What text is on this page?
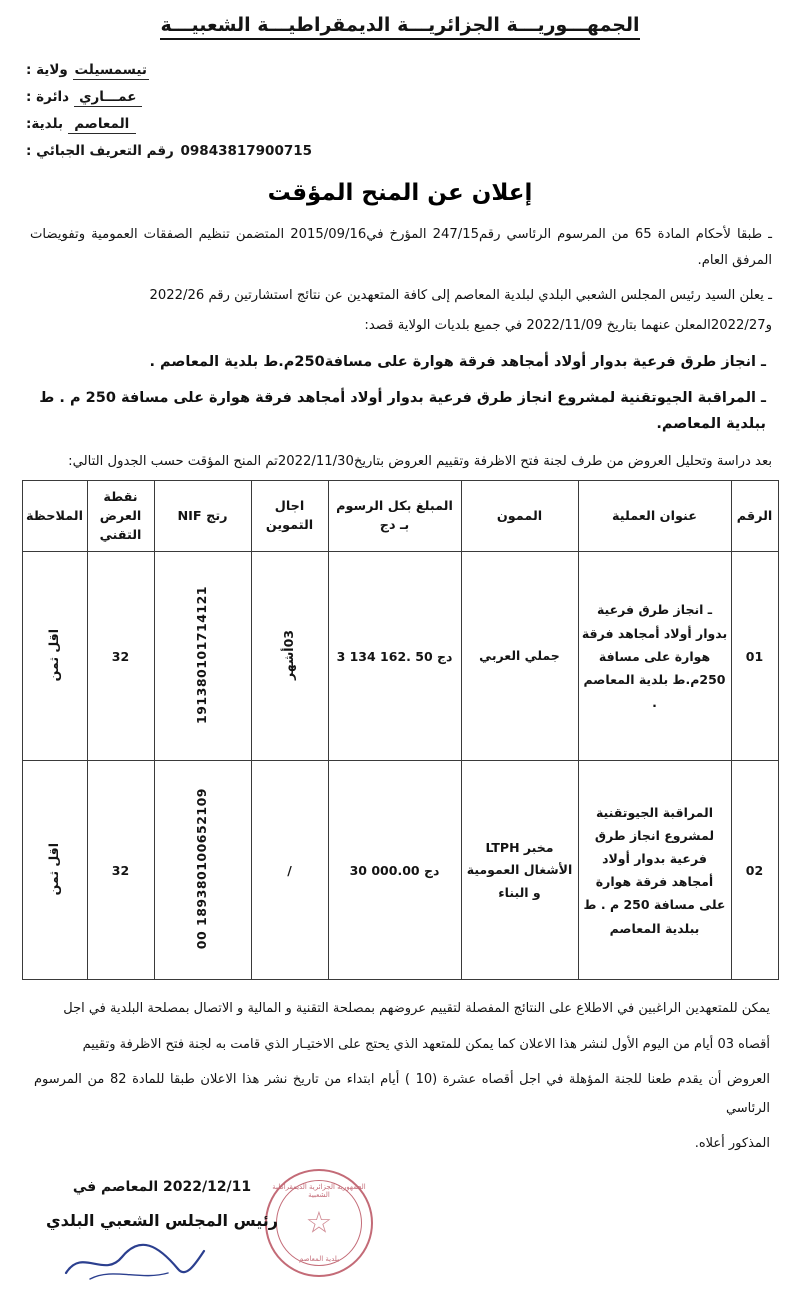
الجمهـــوريـــة الجزائريـــة الديمقراطيـــة الشعبيـــة
تيسمسيلت ولاية :
عمـــاري دائرة :
المعاصم بلدية:
09843817900715 رقم التعريف الجبائي :
إعلان عن المنح المؤقت
ـ طبقا لأحكام المادة 65 من المرسوم الرئاسي رقم247/15 المؤرخ في2015/09/16 المتضمن تنظيم الصفقات العمومية وتفويضات المرفق العام.
ـ يعلن السيد رئيس المجلس الشعبي البلدي لبلدية المعاصم إلى كافة المتعهدين عن نتائج استشارتين رقم 2022/26
و2022/27المعلن عنهما بتاريخ 2022/11/09 في جميع بلديات الولاية قصد:
ـ انجاز طرق فرعية بدوار أولاد أمجاهد فرقة هوارة على مسافة250م.ط بلدية المعاصم .
ـ المراقبة الجيوتقنية لمشروع انجاز طرق فرعية بدوار أولاد أمجاهد فرقة هوارة على مسافة 250 م . ط ببلدية المعاصم.
بعد دراسة وتحليل العروض من طرف لجنة فتح الاظرفة وتقييم العروض بتاريخ2022/11/30تم المنح المؤقت حسب الجدول التالي:
الرقم	عنوان العملية	الممون	المبلغ بكل الرسوم بـ دج	اجال التموين	رتج NIF	نقطة العرض التقني	الملاحظة
01	ـ انجاز طرق فرعية بدوار أولاد أمجاهد فرقة هوارة على مسافة 250م.ط بلدية المعاصم .	جملي العربي	3 134 162. 50 دج	03أشهر	191380101714121	32	اقل ثمن
02	المراقبة الجيوتقنية لمشروع انجاز طرق فرعية بدوار أولاد أمجاهد فرقة هوارة على مسافة 250 م . ط ببلدية المعاصم	مخبر LTPH الأشغال العمومية و البناء	30 000.00 دج	/	189380100652109 00	32	اقل ثمن
يمكن للمتعهدين الراغبين في الاطلاع على النتائج المفصلة لتقييم عروضهم بمصلحة التقنية و المالية و الاتصال بمصلحة البلدية في اجل
أقصاه 03 أيام من اليوم الأول لنشر هذا الاعلان كما يمكن للمتعهد الذي يحتج على الاختيـار الذي قامت به لجنة فتح الاظرفة وتقييم
العروض أن يقدم طعنا للجنة المؤهلة في اجل أقصاه عشرة (10 ) أيام ابتداء من تاريخ نشر هذا الاعلان طبقا للمادة 82 من المرسوم الرئاسي
المذكور أعلاه.
الجمهورية الجزائرية الديمقراطية الشعبية
☆
بلدية المعاصم
2022/12/11 المعاصم في
رئيس المجلس الشعبي البلدي
